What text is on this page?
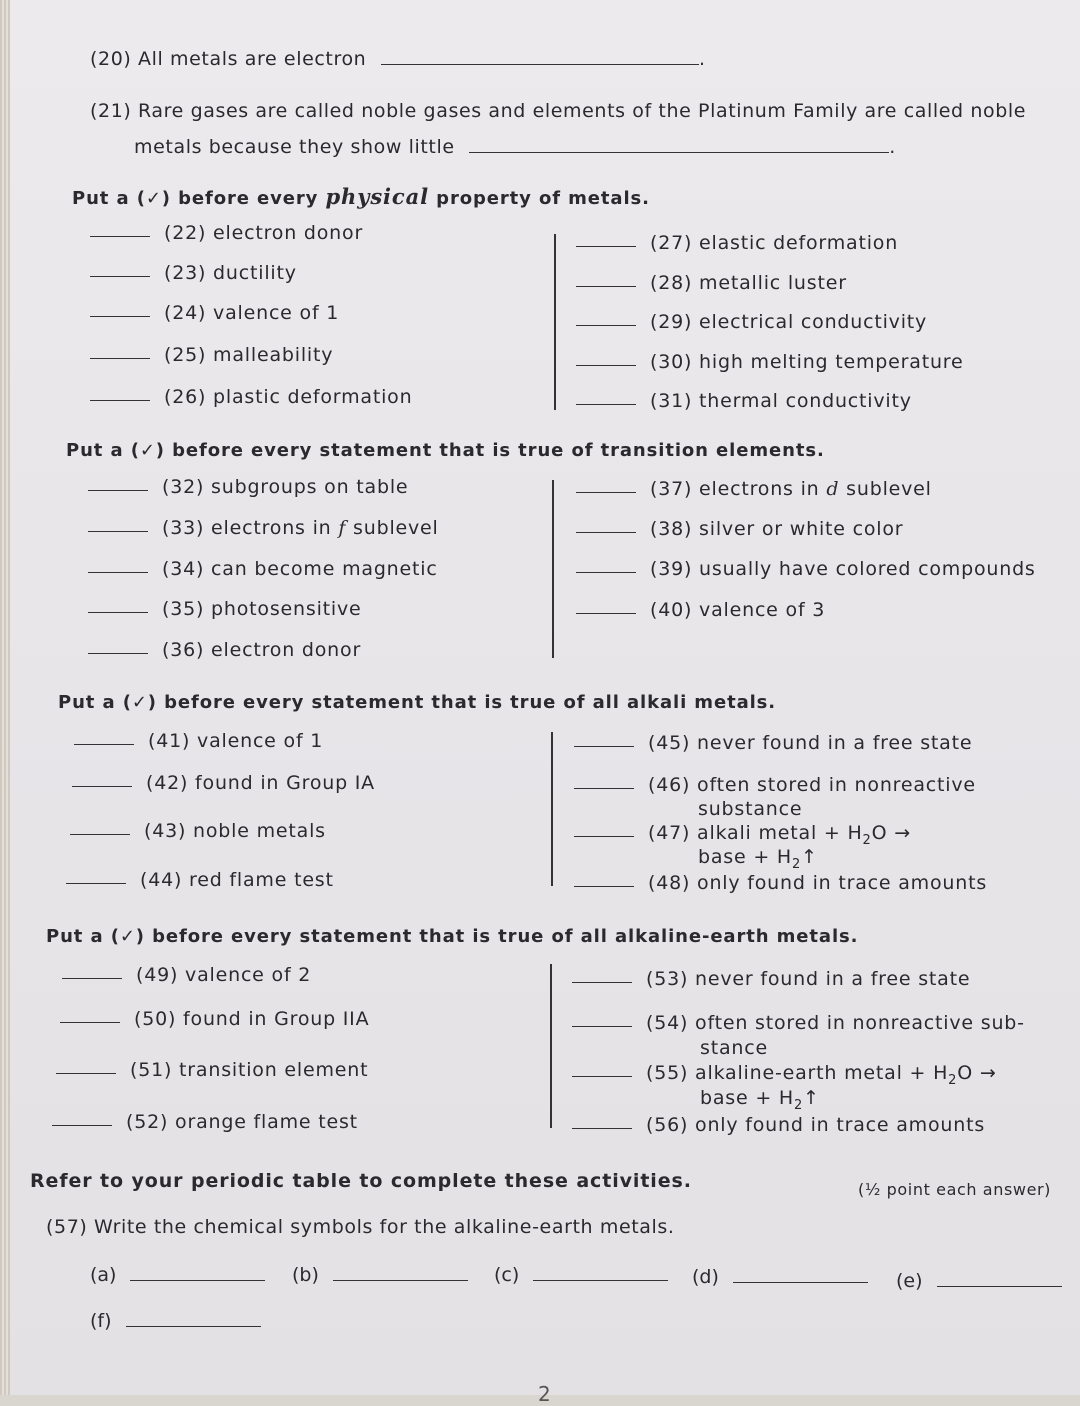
(20) All metals are electron	.
(21) Rare gases are called noble gases and elements of the Platinum Family are called noble
metals because they show little	.
Put a (✓) before every physical property of metals.
(22) electron donor
(23) ductility
(24) valence of 1
(25) malleability
(26) plastic deformation
(27) elastic deformation
(28) metallic luster
(29) electrical conductivity
(30) high melting temperature
(31) thermal conductivity
Put a (✓) before every statement that is true of transition elements.
(32) subgroups on table
(33) electrons in f sublevel
(34) can become magnetic
(35) photosensitive
(36) electron donor
(37) electrons in d sublevel
(38) silver or white color
(39) usually have colored compounds
(40) valence of 3
Put a (✓) before every statement that is true of all alkali metals.
(41) valence of 1
(42) found in Group IA
(43) noble metals
(44) red flame test
(45) never found in a free state
(46) often stored in nonreactive
substance
(47) alkali metal + $H_2O$ →
base + $H_2↑$
(48) only found in trace amounts
Put a (✓) before every statement that is true of all alkaline-earth metals.
(49) valence of 2
(50) found in Group IIA
(51) transition element
(52) orange flame test
(53) never found in a free state
(54) often stored in nonreactive sub-
stance
(55) alkaline-earth metal + $H_2O$ →
base + $H_2↑$
(56) only found in trace amounts
Refer to your periodic table to complete these activities.	(½ point each answer)
(57) Write the chemical symbols for the alkaline-earth metals.
(a)	(b)	(c)	(d)	(e)
(f)
2
